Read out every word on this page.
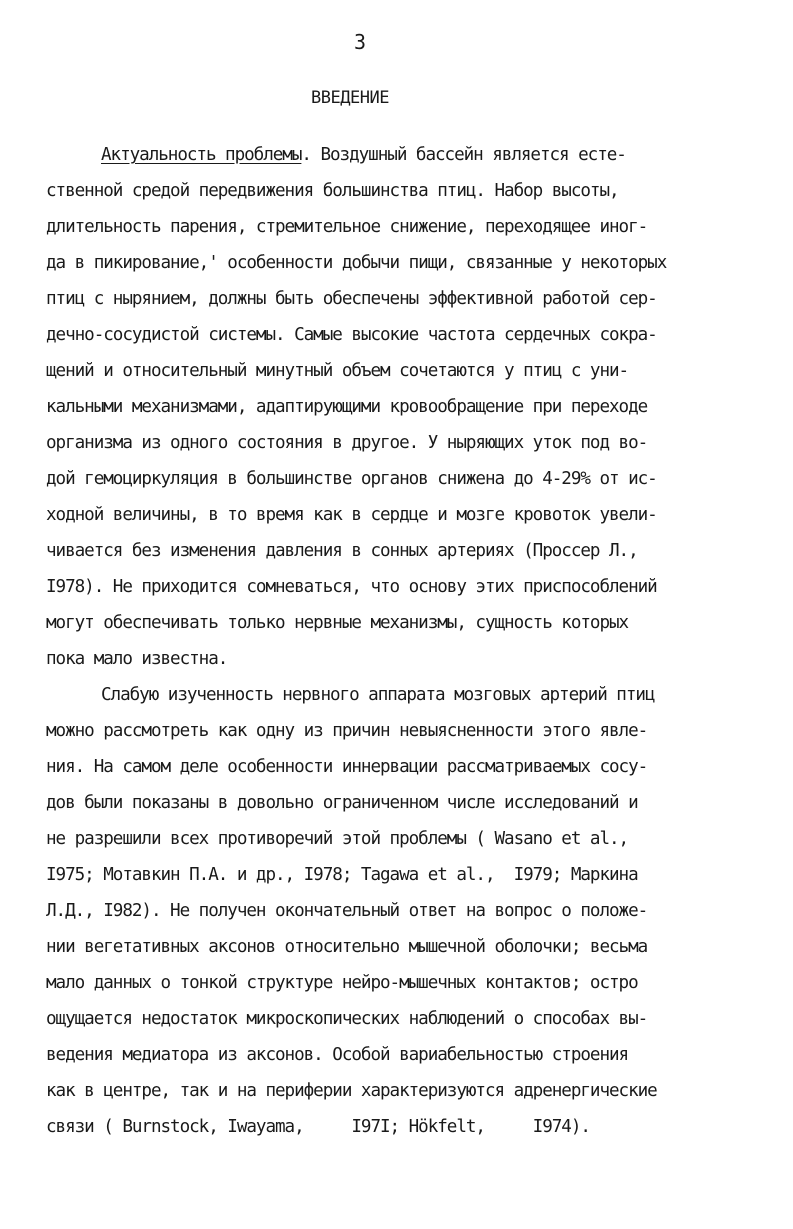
3
ВВЕДЕНИЕ
Актуальность проблемы. Воздушный бассейн является есте-
ственной средой передвижения большинства птиц. Набор высоты,
длительность парения, стремительное снижение, переходящее иног-
да в пикирование,' особенности добычи пищи, связанные у некоторых
птиц с нырянием, должны быть обеспечены эффективной работой сер-
дечно-сосудистой системы. Самые высокие частота сердечных сокра-
щений и относительный минутный объем сочетаются у птиц с уни-
кальными механизмами, адаптирующими кровообращение при переходе
организма из одного состояния в другое. У ныряющих уток под во-
дой гемоциркуляция в большинстве органов снижена до 4-29% от ис-
ходной величины, в то время как в сердце и мозге кровоток увели-
чивается без изменения давления в сонных артериях (Проссер Л.,
I978). Не приходится сомневаться, что основу этих приспособлений
могут обеспечивать только нервные механизмы, сущность которых
пока мало известна.
Слабую изученность нервного аппарата мозговых артерий птиц
можно рассмотреть как одну из причин невыясненности этого явле-
ния. На самом деле особенности иннервации рассматриваемых сосу-
дов были показаны в довольно ограниченном числе исследований и
не разрешили всех противоречий этой проблемы ( Wasano et al.,
I975; Мотавкин П.А. и др., I978; Tagawa et al.,  I979; Маркина
Л.Д., I982). Не получен окончательный ответ на вопрос о положе-
нии вегетативных аксонов относительно мышечной оболочки; весьма
мало данных о тонкой структуре нейро-мышечных контактов; остро
ощущается недостаток микроскопических наблюдений о способах вы-
ведения медиатора из аксонов. Особой вариабельностью строения
как в центре, так и на периферии характеризуются адренергические
связи ( Burnstock, Iwayama,     I97I; Hökfelt,     I974).
